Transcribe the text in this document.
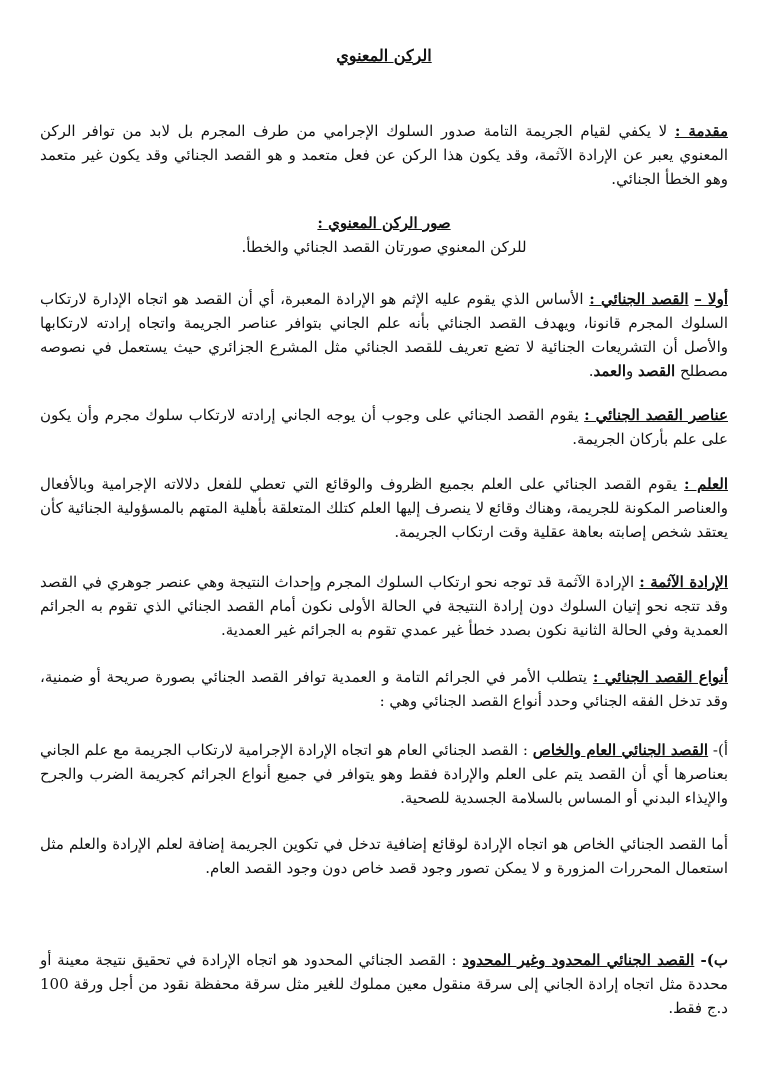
الركن المعنوي
مقدمة : لا يكفي لقيام الجريمة التامة صدور السلوك الإجرامي من طرف المجرم بل لابد من توافر الركن المعنوي يعبر عن الإرادة الآثمة، وقد يكون هذا الركن عن فعل متعمد و هو القصد الجنائي وقد يكون غير متعمد وهو الخطأ الجنائي.
صور الركن المعنوي :
للركن المعنوي صورتان القصد الجنائي والخطأ.
أولا – القصد الجنائي : الأساس الذي يقوم عليه الإثم هو الإرادة المعبرة، أي أن القصد هو اتجاه الإدارة لارتكاب السلوك المجرم قانونا، ويهدف القصد الجنائي بأنه علم الجاني بتوافر عناصر الجريمة واتجاه إرادته لارتكابها والأصل أن التشريعات الجنائية لا تضع تعريف للقصد الجنائي مثل المشرع الجزائري حيث يستعمل في نصوصه مصطلح القصد والعمد.
عناصر القصد الجنائي : يقوم القصد الجنائي على وجوب أن يوجه الجاني إرادته لارتكاب سلوك مجرم وأن يكون على علم بأركان الجريمة.
العلم : يقوم القصد الجنائي على العلم بجميع الظروف والوقائع التي تعطي للفعل دلالاته الإجرامية وبالأفعال والعناصر المكونة للجريمة، وهناك وقائع لا ينصرف إليها العلم كتلك المتعلقة بأهلية المتهم بالمسؤولية الجنائية كأن يعتقد شخص إصابته بعاهة عقلية وقت ارتكاب الجريمة.
الإرادة الآثمة : الإرادة الآثمة قد توجه نحو ارتكاب السلوك المجرم وإحداث النتيجة وهي عنصر جوهري في القصد وقد تتجه نحو إتيان السلوك دون إرادة النتيجة في الحالة الأولى نكون أمام القصد الجنائي الذي تقوم به الجرائم العمدية وفي الحالة الثانية نكون بصدد خطأ غير عمدي تقوم به الجرائم غير العمدية.
أنواع القصد الجنائي : يتطلب الأمر في الجرائم التامة و العمدية توافر القصد الجنائي بصورة صريحة أو ضمنية، وقد تدخل الفقه الجنائي وحدد أنواع القصد الجنائي وهي :
أ)- القصد الجنائي العام والخاص : القصد الجنائي العام هو اتجاه الإرادة الإجرامية لارتكاب الجريمة مع علم الجاني بعناصرها أي أن القصد يتم على العلم والإرادة فقط وهو يتوافر في جميع أنواع الجرائم كجريمة الضرب والجرح والإيذاء البدني أو المساس بالسلامة الجسدية للصحية.
أما القصد الجنائي الخاص هو اتجاه الإرادة لوقائع إضافية تدخل في تكوين الجريمة إضافة لعلم الإرادة والعلم مثل استعمال المحررات المزورة و لا يمكن تصور وجود قصد خاص دون وجود القصد العام.
ب)- القصد الجنائي المحدود وغير المحدود : القصد الجنائي المحدود هو اتجاه الإرادة في تحقيق نتيجة معينة أو محددة مثل اتجاه إرادة الجاني إلى سرقة منقول معين مملوك للغير مثل سرقة محفظة نقود من أجل ورقة 100 د.ج فقط.
